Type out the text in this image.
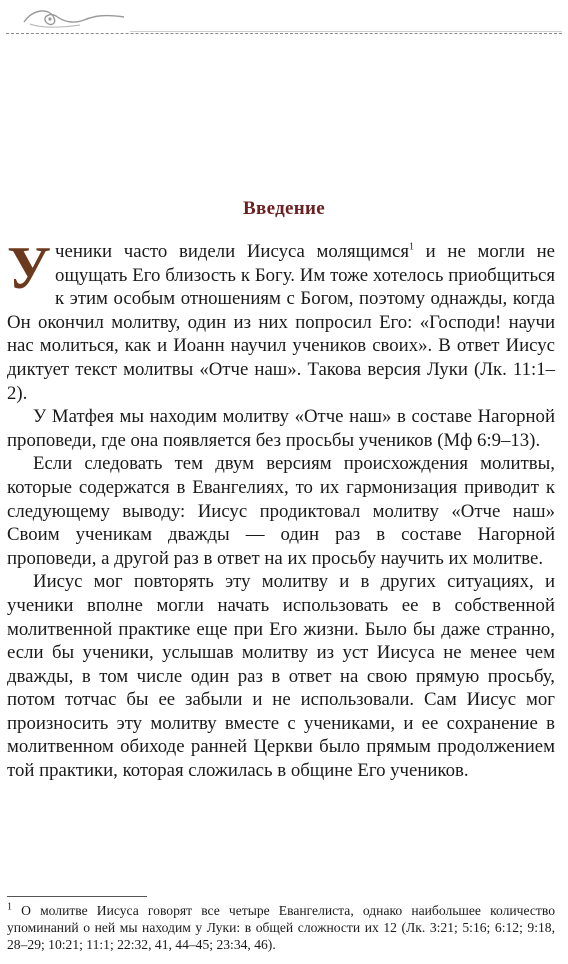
Введение

Ученики часто видели Иисуса молящимся$^1$ и не могли не ощущать Его близость к Богу. Им тоже хотелось приобщиться к этим особым отношениям с Богом, поэтому однажды, когда Он окончил молитву, один из них попросил Его: «Господи! научи нас молиться, как и Иоанн научил учеников своих». В ответ Иисус диктует текст молитвы «Отче наш». Такова версия Луки (Лк. 11:1–2).

У Матфея мы находим молитву «Отче наш» в составе Нагорной проповеди, где она появляется без просьбы учеников (Мф 6:9–13).

Если следовать тем двум версиям происхождения молитвы, которые содержатся в Евангелиях, то их гармонизация приводит к следующему выводу: Иисус продиктовал молитву «Отче наш» Своим ученикам дважды — один раз в составе Нагорной проповеди, а другой раз в ответ на их просьбу научить их молитве.

Иисус мог повторять эту молитву и в других ситуациях, и ученики вполне могли начать использовать ее в собственной молитвенной практике еще при Его жизни. Было бы даже странно, если бы ученики, услышав молитву из уст Иисуса не менее чем дважды, в том числе один раз в ответ на свою прямую просьбу, потом тотчас бы ее забыли и не использовали. Сам Иисус мог произносить эту молитву вместе с учениками, и ее сохранение в молитвенном обиходе ранней Церкви было прямым продолжением той практики, которая сложилась в общине Его учеников.

$^1$ О молитве Иисуса говорят все четыре Евангелиста, однако наибольшее количество упоминаний о ней мы находим у Луки: в общей сложности их 12 (Лк. 3:21; 5:16; 6:12; 9:18, 28–29; 10:21; 11:1; 22:32, 41, 44–45; 23:34, 46).
